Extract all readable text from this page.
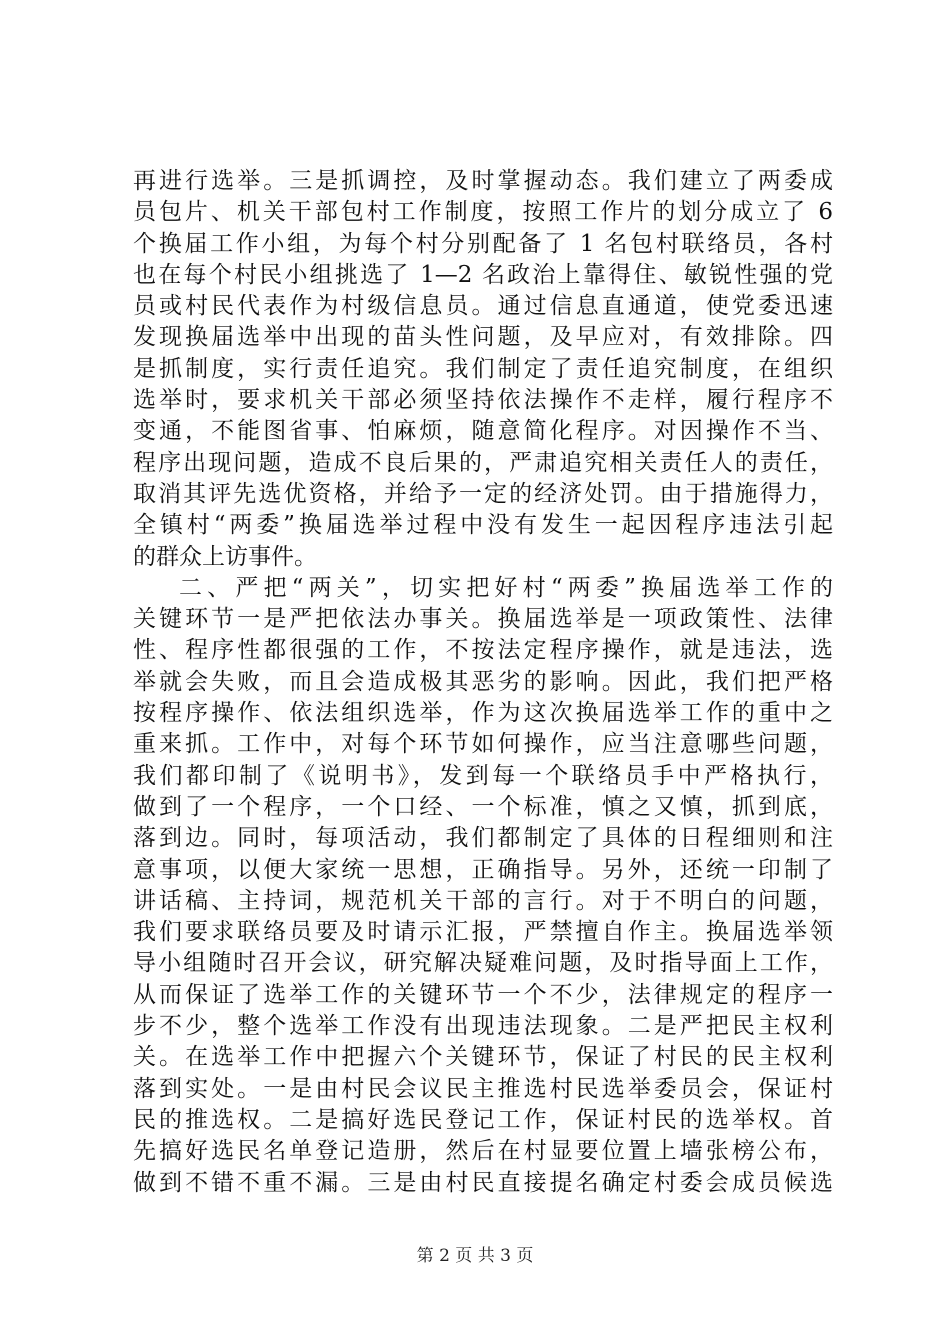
再进行选举。三是抓调控，及时掌握动态。我们建立了两委成
员包片、机关干部包村工作制度，按照工作片的划分成立了 6
个换届工作小组，为每个村分别配备了 1 名包村联络员，各村
也在每个村民小组挑选了 1—2 名政治上靠得住、敏锐性强的党
员或村民代表作为村级信息员。通过信息直通道，使党委迅速
发现换届选举中出现的苗头性问题，及早应对，有效排除。四
是抓制度，实行责任追究。我们制定了责任追究制度，在组织
选举时，要求机关干部必须坚持依法操作不走样，履行程序不
变通，不能图省事、怕麻烦，随意简化程序。对因操作不当、
程序出现问题，造成不良后果的，严肃追究相关责任人的责任，
取消其评先选优资格，并给予一定的经济处罚。由于措施得力，
全镇村“两委”换届选举过程中没有发生一起因程序违法引起
的群众上访事件。
二、严把“两关”，切实把好村“两委”换届选举工作的
关键环节一是严把依法办事关。换届选举是一项政策性、法律
性、程序性都很强的工作，不按法定程序操作，就是违法，选
举就会失败，而且会造成极其恶劣的影响。因此，我们把严格
按程序操作、依法组织选举，作为这次换届选举工作的重中之
重来抓。工作中，对每个环节如何操作，应当注意哪些问题，
我们都印制了《说明书》，发到每一个联络员手中严格执行，
做到了一个程序，一个口经、一个标准，慎之又慎，抓到底，
落到边。同时，每项活动，我们都制定了具体的日程细则和注
意事项，以便大家统一思想，正确指导。另外，还统一印制了
讲话稿、主持词，规范机关干部的言行。对于不明白的问题，
我们要求联络员要及时请示汇报，严禁擅自作主。换届选举领
导小组随时召开会议，研究解决疑难问题，及时指导面上工作，
从而保证了选举工作的关键环节一个不少，法律规定的程序一
步不少，整个选举工作没有出现违法现象。二是严把民主权利
关。在选举工作中把握六个关键环节，保证了村民的民主权利
落到实处。一是由村民会议民主推选村民选举委员会，保证村
民的推选权。二是搞好选民登记工作，保证村民的选举权。首
先搞好选民名单登记造册，然后在村显要位置上墙张榜公布，
做到不错不重不漏。三是由村民直接提名确定村委会成员候选
第 2 页 共 3 页
